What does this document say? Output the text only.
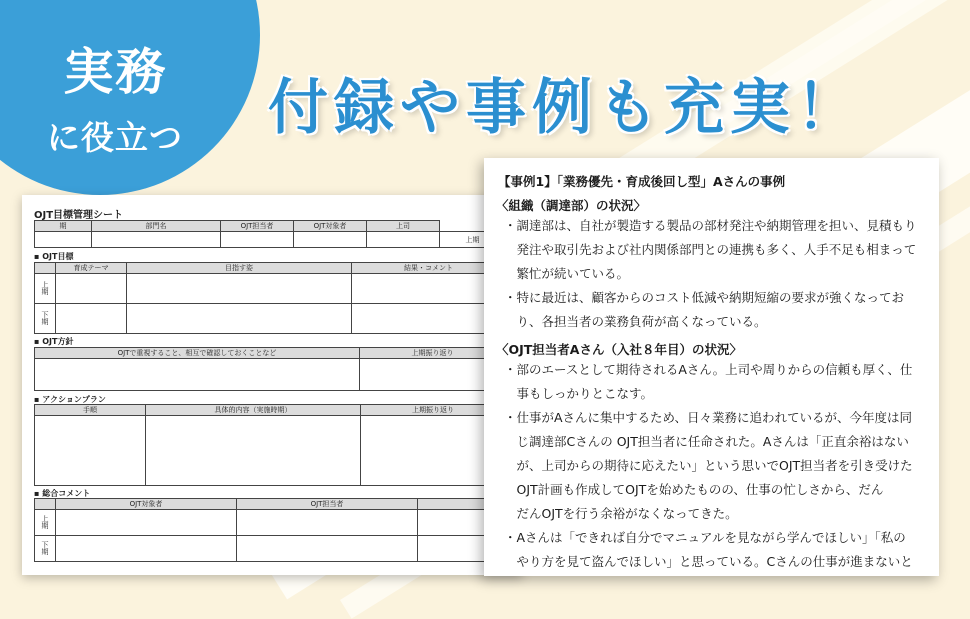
実務
に役立つ	付録や事例も充実！
OJT目標管理シート
期	部門名	OJT担当者	OJT対象者	上司	
					上期
▪ OJT目標
	育成テーマ	目指す姿	結果・コメント
上期			
下期			
▪ OJT方針
OJTで重視すること、相互で確認しておくことなど	上期振り返り

▪ アクションプラン
手順	具体的内容（実施時期）	上期振り返り

▪ 総合コメント
	OJT対象者	OJT担当者	
上期			
下期			
【事例1】「業務優先・育成後回し型」Aさんの事例
〈組織（調達部）の状況〉
・調達部は、自社が製造する製品の部材発注や納期管理を担い、見積もり
　発注や取引先および社内関係部門との連携も多く、人手不足も相まって
　繁忙が続いている。
・特に最近は、顧客からのコスト低減や納期短縮の要求が強くなってお
　り、各担当者の業務負荷が高くなっている。
〈OJT担当者Aさん（入社８年目）の状況〉
・部のエースとして期待されるAさん。上司や周りからの信頼も厚く、仕
　事もしっかりとこなす。
・仕事がAさんに集中するため、日々業務に追われているが、今年度は同
　じ調達部Cさんの OJT担当者に任命された。Aさんは「正直余裕はない
　が、上司からの期待に応えたい」という思いでOJT担当者を引き受けた
　OJT計画も作成してOJTを始めたものの、仕事の忙しさから、だん
　だんOJTを行う余裕がなくなってきた。
・Aさんは「できれば自分でマニュアルを見ながら学んでほしい」「私の
　やり方を見て盗んでほしい」と思っている。Cさんの仕事が進まないと
